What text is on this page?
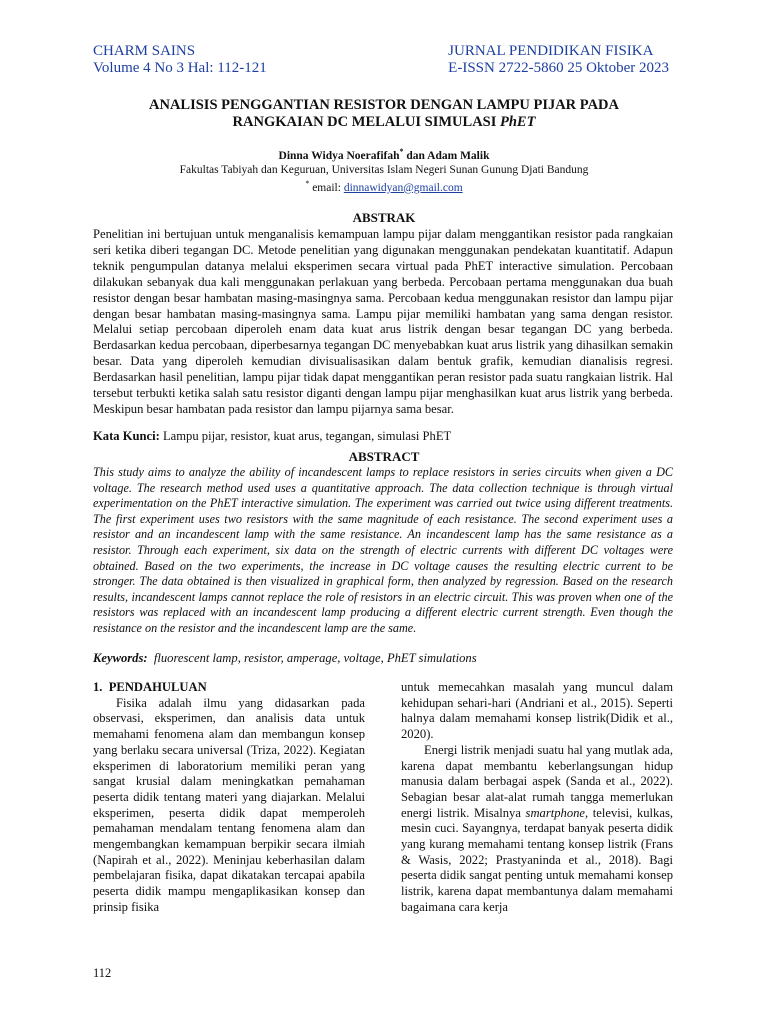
CHARM SAINS
Volume 4 No 3 Hal: 112-121
JURNAL PENDIDIKAN FISIKA
E-ISSN 2722-5860 25 Oktober 2023
ANALISIS PENGGANTIAN RESISTOR DENGAN LAMPU PIJAR PADA
RANGKAIAN DC MELALUI SIMULASI PhET
Dinna Widya Noerafifah* dan Adam Malik
Fakultas Tabiyah dan Keguruan, Universitas Islam Negeri Sunan Gunung Djati Bandung
* email: dinnawidyan@gmail.com
ABSTRAK
Penelitian ini bertujuan untuk menganalisis kemampuan lampu pijar dalam menggantikan resistor pada rangkaian seri ketika diberi tegangan DC. Metode penelitian yang digunakan menggunakan pendekatan kuantitatif. Adapun teknik pengumpulan datanya melalui eksperimen secara virtual pada PhET interactive simulation. Percobaan dilakukan sebanyak dua kali menggunakan perlakuan yang berbeda. Percobaan pertama menggunakan dua buah resistor dengan besar hambatan masing-masingnya sama. Percobaan kedua menggunakan resistor dan lampu pijar dengan besar hambatan masing-masingnya sama. Lampu pijar memiliki hambatan yang sama dengan resistor. Melalui setiap percobaan diperoleh enam data kuat arus listrik dengan besar tegangan DC yang berbeda. Berdasarkan kedua percobaan, diperbesarnya tegangan DC menyebabkan kuat arus listrik yang dihasilkan semakin besar. Data yang diperoleh kemudian divisualisasikan dalam bentuk grafik, kemudian dianalisis regresi. Berdasarkan hasil penelitian, lampu pijar tidak dapat menggantikan peran resistor pada suatu rangkaian listrik. Hal tersebut terbukti ketika salah satu resistor diganti dengan lampu pijar menghasilkan kuat arus listrik yang berbeda. Meskipun besar hambatan pada resistor dan lampu pijarnya sama besar.
Kata Kunci: Lampu pijar, resistor, kuat arus, tegangan, simulasi PhET
ABSTRACT
This study aims to analyze the ability of incandescent lamps to replace resistors in series circuits when given a DC voltage. The research method used uses a quantitative approach. The data collection technique is through virtual experimentation on the PhET interactive simulation. The experiment was carried out twice using different treatments. The first experiment uses two resistors with the same magnitude of each resistance. The second experiment uses a resistor and an incandescent lamp with the same resistance. An incandescent lamp has the same resistance as a resistor. Through each experiment, six data on the strength of electric currents with different DC voltages were obtained. Based on the two experiments, the increase in DC voltage causes the resulting electric current to be stronger. The data obtained is then visualized in graphical form, then analyzed by regression. Based on the research results, incandescent lamps cannot replace the role of resistors in an electric circuit. This was proven when one of the resistors was replaced with an incandescent lamp producing a different electric current strength. Even though the resistance on the resistor and the incandescent lamp are the same.
Keywords:  fluorescent lamp, resistor, amperage, voltage, PhET simulations

1.  PENDAHULUAN

Fisika adalah ilmu yang didasarkan pada observasi, eksperimen, dan analisis data untuk memahami fenomena alam dan membangun konsep yang berlaku secara universal (Triza, 2022). Kegiatan eksperimen di laboratorium memiliki peran yang sangat krusial dalam meningkatkan pemahaman peserta didik tentang materi yang diajarkan. Melalui eksperimen, peserta didik dapat memperoleh pemahaman mendalam tentang fenomena alam dan mengembangkan kemampuan berpikir secara ilmiah (Napirah et al., 2022). Meninjau keberhasilan dalam pembelajaran fisika, dapat dikatakan tercapai apabila peserta didik mampu mengaplikasikan konsep dan prinsip fisika

untuk memecahkan masalah yang muncul dalam kehidupan sehari-hari (Andriani et al., 2015). Seperti halnya dalam memahami konsep listrik(Didik et al., 2020).

Energi listrik menjadi suatu hal yang mutlak ada, karena dapat membantu keberlangsungan hidup manusia dalam berbagai aspek (Sanda et al., 2022). Sebagian besar alat-alat rumah tangga memerlukan energi listrik. Misalnya smartphone, televisi, kulkas, mesin cuci. Sayangnya, terdapat banyak peserta didik yang kurang memahami tentang konsep listrik (Frans & Wasis, 2022; Prastyaninda et al., 2018). Bagi peserta didik sangat penting untuk memahami konsep listrik, karena dapat membantunya dalam memahami bagaimana cara kerja

112
